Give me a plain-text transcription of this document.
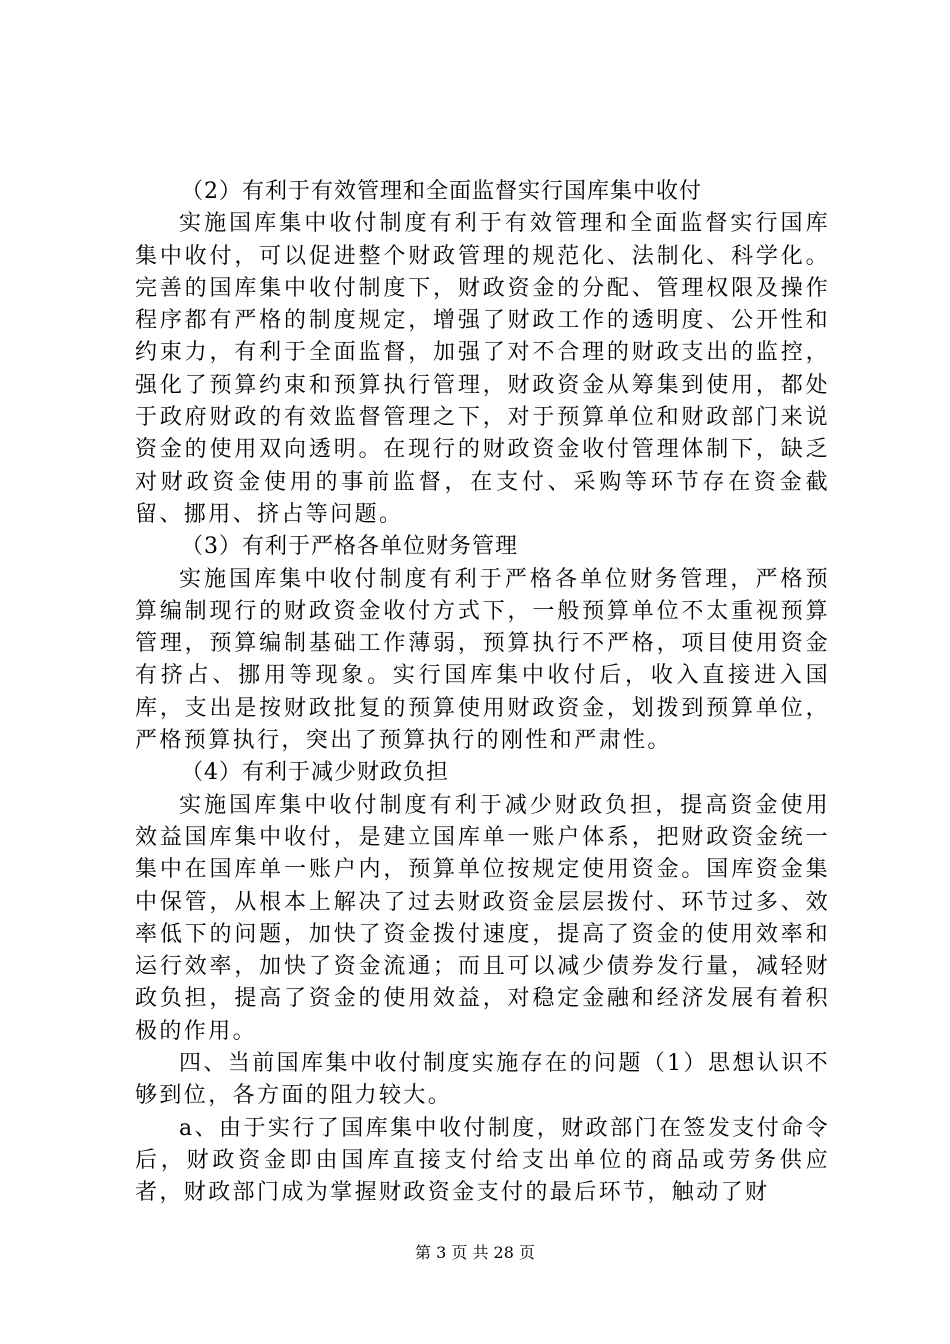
（2）有利于有效管理和全面监督实行国库集中收付

实施国库集中收付制度有利于有效管理和全面监督实行国库集中收付，可以促进整个财政管理的规范化、法制化、科学化。完善的国库集中收付制度下，财政资金的分配、管理权限及操作程序都有严格的制度规定，增强了财政工作的透明度、公开性和约束力，有利于全面监督，加强了对不合理的财政支出的监控，强化了预算约束和预算执行管理，财政资金从筹集到使用，都处于政府财政的有效监督管理之下，对于预算单位和财政部门来说资金的使用双向透明。在现行的财政资金收付管理体制下，缺乏对财政资金使用的事前监督，在支付、采购等环节存在资金截留、挪用、挤占等问题。

（3）有利于严格各单位财务管理

实施国库集中收付制度有利于严格各单位财务管理，严格预算编制现行的财政资金收付方式下，一般预算单位不太重视预算管理，预算编制基础工作薄弱，预算执行不严格，项目使用资金有挤占、挪用等现象。实行国库集中收付后，收入直接进入国库，支出是按财政批复的预算使用财政资金，划拨到预算单位，严格预算执行，突出了预算执行的刚性和严肃性。

（4）有利于减少财政负担

实施国库集中收付制度有利于减少财政负担，提高资金使用效益国库集中收付，是建立国库单一账户体系，把财政资金统一集中在国库单一账户内，预算单位按规定使用资金。国库资金集中保管，从根本上解决了过去财政资金层层拨付、环节过多、效率低下的问题，加快了资金拨付速度，提高了资金的使用效率和运行效率，加快了资金流通；而且可以减少债券发行量，减轻财政负担，提高了资金的使用效益，对稳定金融和经济发展有着积极的作用。

四、当前国库集中收付制度实施存在的问题（1）思想认识不够到位，各方面的阻力较大。

a、由于实行了国库集中收付制度，财政部门在签发支付命令后，财政资金即由国库直接支付给支出单位的商品或劳务供应者，财政部门成为掌握财政资金支付的最后环节，触动了财

第 3 页 共 28 页
